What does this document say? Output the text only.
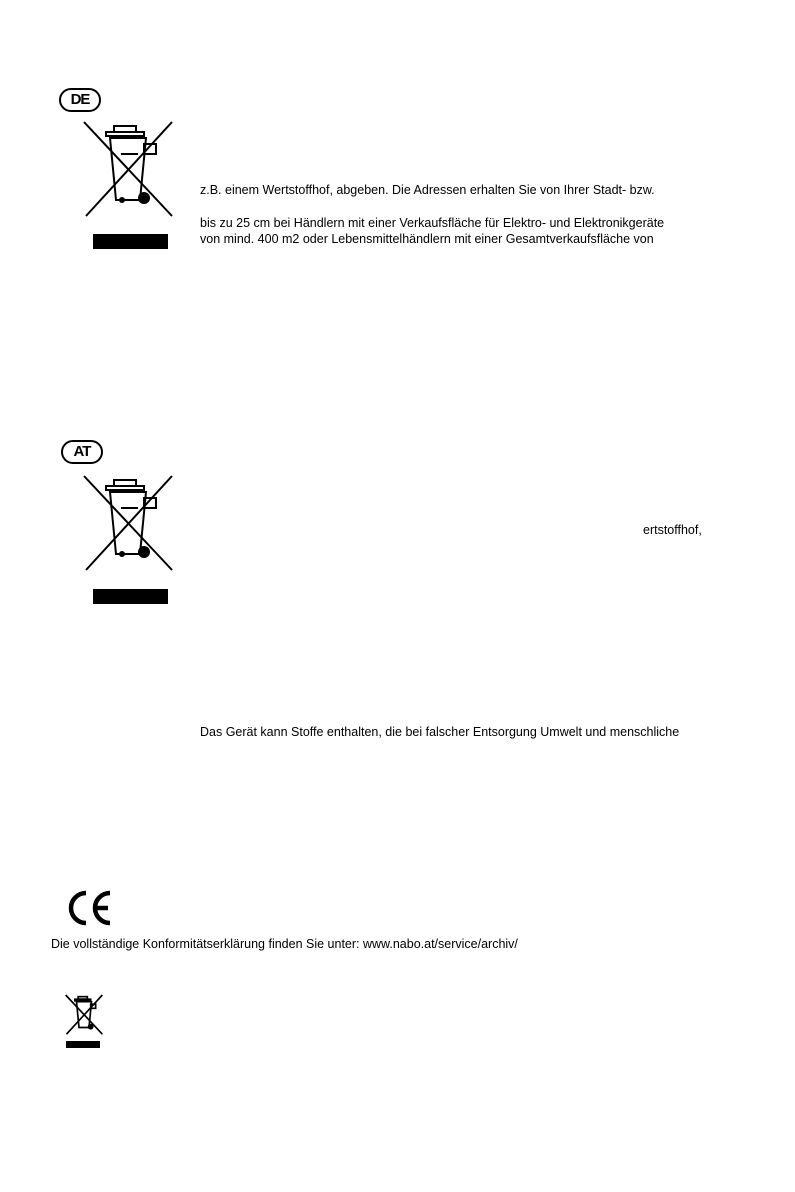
DE
z.B. einem Wertstoffhof, abgeben. Die Adressen erhalten Sie von Ihrer Stadt- bzw.
bis zu 25 cm bei Händlern mit einer Verkaufsfläche für Elektro- und Elektronikgeräte
von mind. 400 m2 oder Lebensmittelhändlern mit einer Gesamtverkaufsfläche von
AT
ertstoffhof,
Das Gerät kann Stoffe enthalten, die bei falscher Entsorgung Umwelt und menschliche
Die vollständige Konformitätserklärung finden Sie unter: www.nabo.at/service/archiv/
